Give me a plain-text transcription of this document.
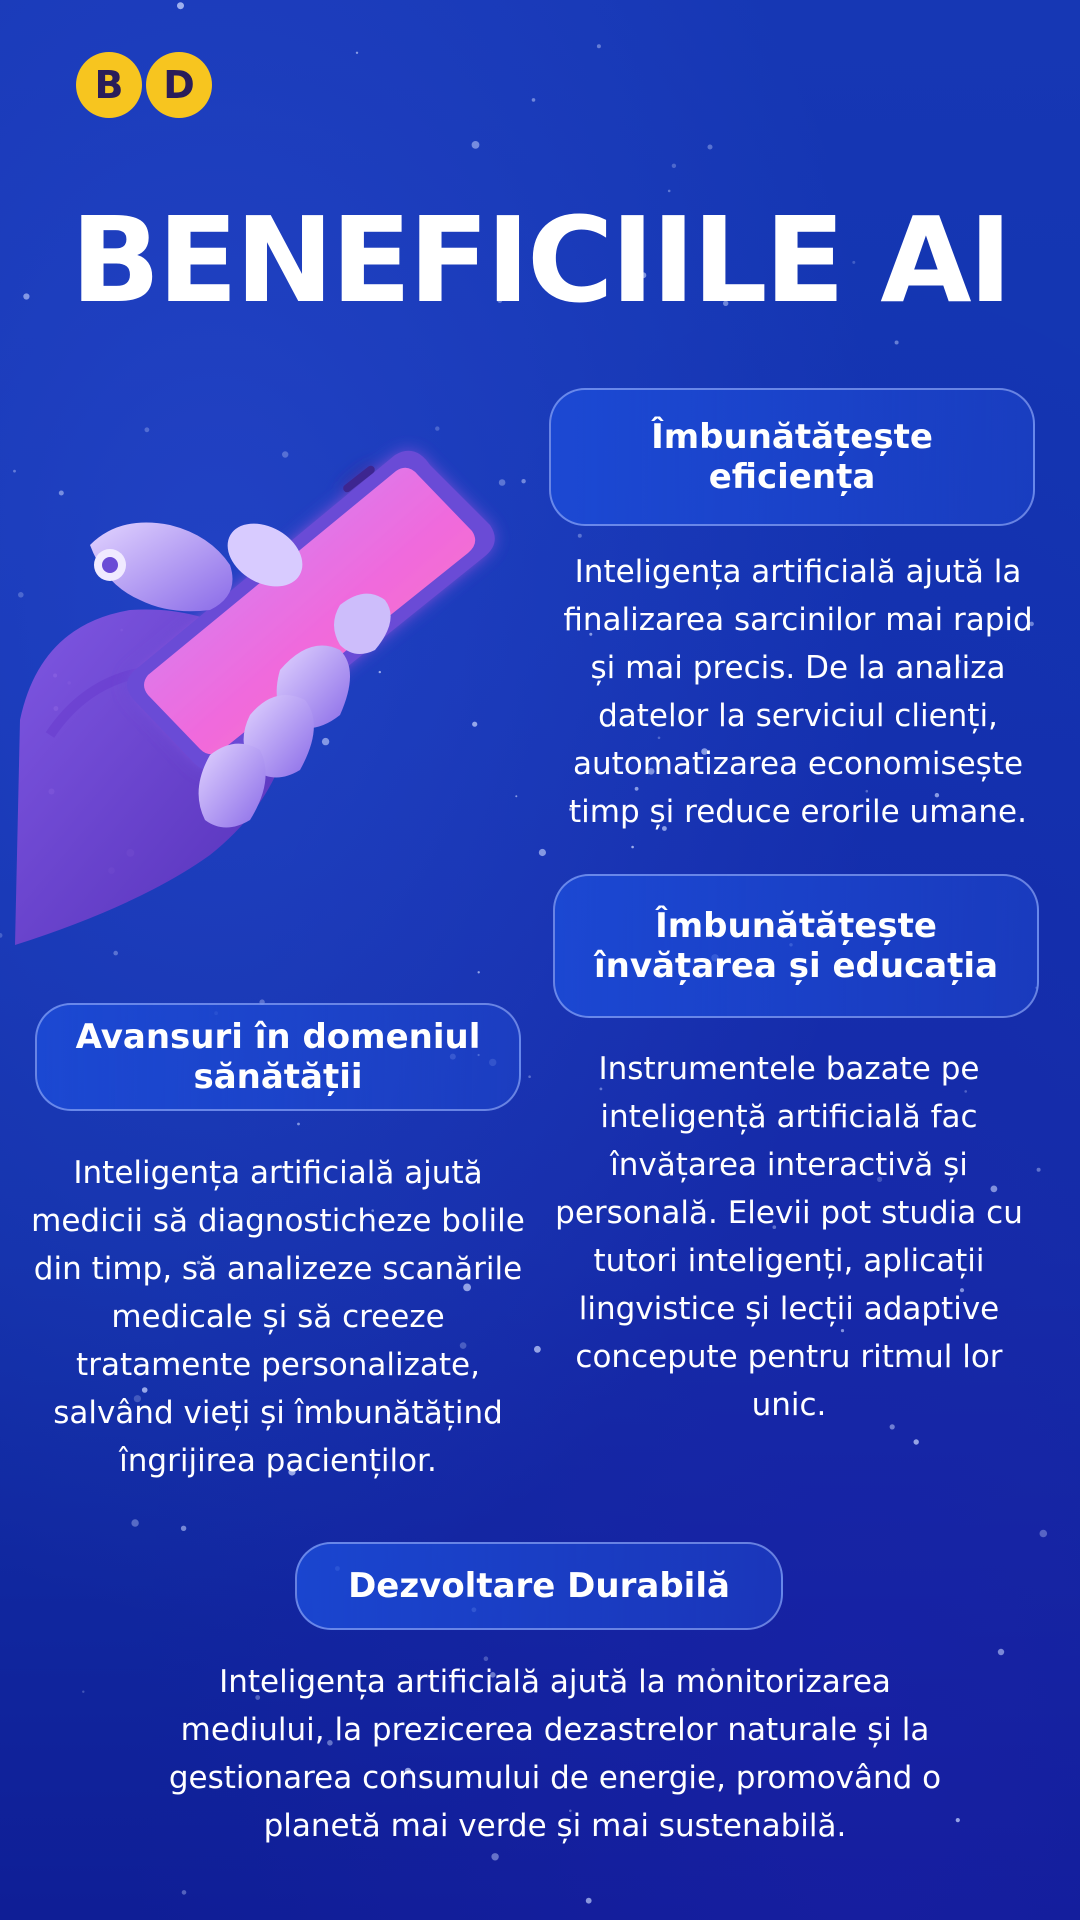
B	D
BENEFICIILE AI
Îmbunătățește eficiența
Inteligența artificială ajută la finalizarea sarcinilor mai rapid și mai precis. De la analiza datelor la serviciul clienți, automatizarea economisește timp și reduce erorile umane.
Îmbunătățește învățarea și educația
Instrumentele bazate pe inteligență artificială fac învățarea interactivă și personală. Elevii pot studia cu tutori inteligenți, aplicații lingvistice și lecții adaptive concepute pentru ritmul lor unic.
Avansuri în domeniul sănătății
Inteligența artificială ajută medicii să diagnosticheze bolile din timp, să analizeze scanările medicale și să creeze tratamente personalizate, salvând vieți și îmbunătățind îngrijirea pacienților.
Dezvoltare Durabilă
Inteligența artificială ajută la monitorizarea mediului, la prezicerea dezastrelor naturale și la gestionarea consumului de energie, promovând o planetă mai verde și mai sustenabilă.
